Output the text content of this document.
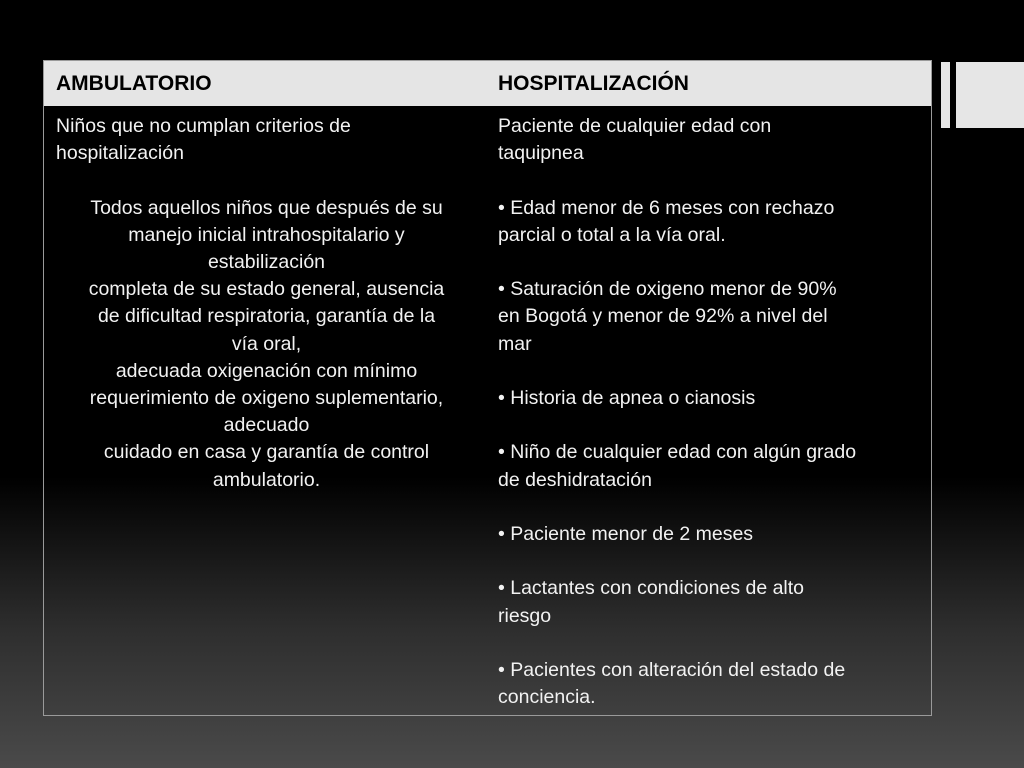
AMBULATORIO	HOSPITALIZACIÓN

Niños que no cumplan criterios de

hospitalización

Todos aquellos niños que después de su

manejo inicial intrahospitalario y

estabilización

completa de su estado general, ausencia

de dificultad respiratoria, garantía de la

vía oral,

adecuada oxigenación con mínimo

requerimiento de oxigeno suplementario,

adecuado

cuidado en casa y garantía de control

ambulatorio.

Paciente de cualquier edad con

taquipnea

• Edad menor de 6 meses con rechazo

parcial o total a la vía oral.

• Saturación de oxigeno menor de 90%

en Bogotá y menor de 92% a nivel del

mar

• Historia de apnea o cianosis

• Niño de cualquier edad con algún grado

de deshidratación

• Paciente menor de 2 meses

• Lactantes con condiciones de alto

riesgo

• Pacientes con alteración del estado de

conciencia.
